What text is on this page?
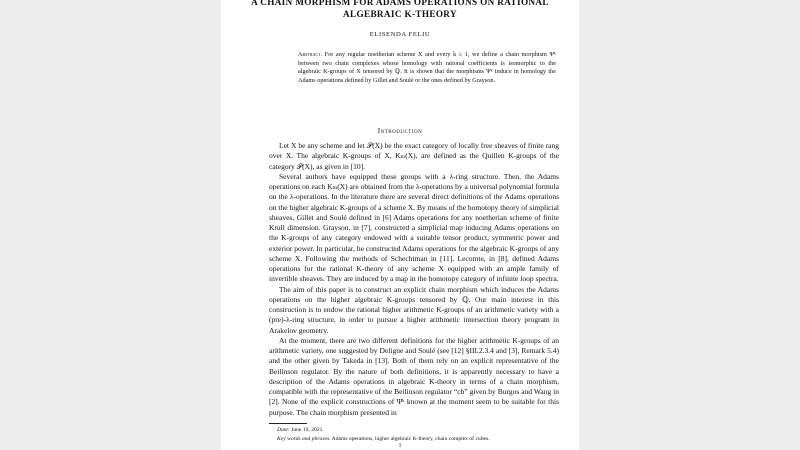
A CHAIN MORPHISM FOR ADAMS OPERATIONS ON RATIONAL
ALGEBRAIC K-THEORY
ELISENDA FELIU
Abstract. For any regular noetherian scheme X and every k ≥ 1, we define a chain morphism Ψᵏ between two chain complexes whose homology with rational coefficients is isomorphic to the algebraic K-groups of X tensored by ℚ. It is shown that the morphisms Ψᵏ induce in homology the Adams operations defined by Gillet and Soulé or the ones defined by Grayson.
Introduction

Let X be any scheme and let 𝒫(X) be the exact category of locally free sheaves of finite rang over X. The algebraic K-groups of X, Kₘ(X), are defined as the Quillen K-groups of the category 𝒫(X), as given in [10].

Several authors have equipped these groups with a λ-ring structure. Then, the Adams operations on each Kₘ(X) are obtained from the λ-operations by a universal polynomial formula on the λ-operations. In the literature there are several direct definitions of the Adams operations on the higher algebraic K-groups of a scheme X. By means of the homotopy theory of simplicial sheaves, Gillet and Soulé defined in [6] Adams operations for any noetherian scheme of finite Krull dimension. Grayson, in [7], constructed a simplicial map inducing Adams operations on the K-groups of any category endowed with a suitable tensor product, symmetric power and exterior power. In particular, he constructed Adams operations for the algebraic K-groups of any scheme X. Following the methods of Schechtman in [11], Lecomte, in [8], defined Adams operations for the rational K-theory of any scheme X equipped with an ample family of invertible sheaves. They are induced by a map in the homotopy category of infinite loop spectra.

The aim of this paper is to construct an explicit chain morphism which induces the Adams operations on the higher algebraic K-groups tensored by ℚ. Our main interest in this construction is to endow the rational higher arithmetic K-groups of an arithmetic variety with a (pre)-λ-ring structure, in order to pursue a higher arithmetic intersection theory program in Arakelov geometry.

At the moment, there are two different definitions for the higher arithmetic K-groups of an arithmetic variety, one suggested by Deligne and Soulé (see [12] §III.2.3.4 and [3], Remark 5.4) and the other given by Takeda in [13]. Both of them rely on an explicit representative of the Beilinson regulator. By the nature of both definitions, it is apparently necessary to have a description of the Adams operations in algebraic K-theory in terms of a chain morphism, compatible with the representative of the Beilinson regulator “ch” given by Burgos and Wang in [2]. None of the explicit constructions of Ψᵏ known at the moment seem to be suitable for this purpose. The chain morphism presented in

Date: June 19, 2021.
Key words and phrases. Adams operations, higher algebraic K-theory, chain complex of cubes.
1
